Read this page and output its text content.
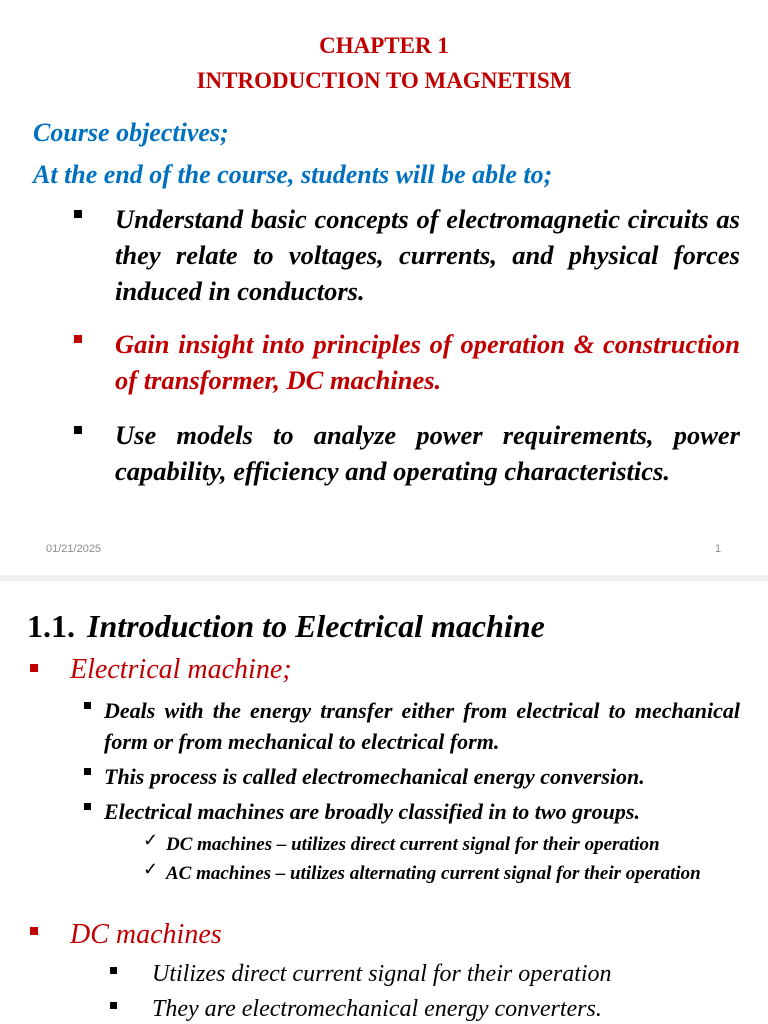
CHAPTER 1
INTRODUCTION TO MAGNETISM
Course objectives;
At the end of the course, students will be able to;
Understand basic concepts of electromagnetic circuits as they relate to voltages, currents, and physical forces induced in conductors.
Gain insight into principles of operation & construction of transformer, DC machines.
Use models to analyze power requirements, power capability, efficiency and operating characteristics.
01/21/2025	1
1.1. Introduction to Electrical machine
Electrical machine;
Deals with the energy transfer either from electrical to mechanical form or from mechanical to electrical form.
This process is called electromechanical energy conversion.
Electrical machines are broadly classified in to two groups.
✓ DC machines – utilizes direct current signal for their operation
✓ AC machines – utilizes alternating current signal for their operation
DC machines
Utilizes direct current signal for their operation
They are electromechanical energy converters.
